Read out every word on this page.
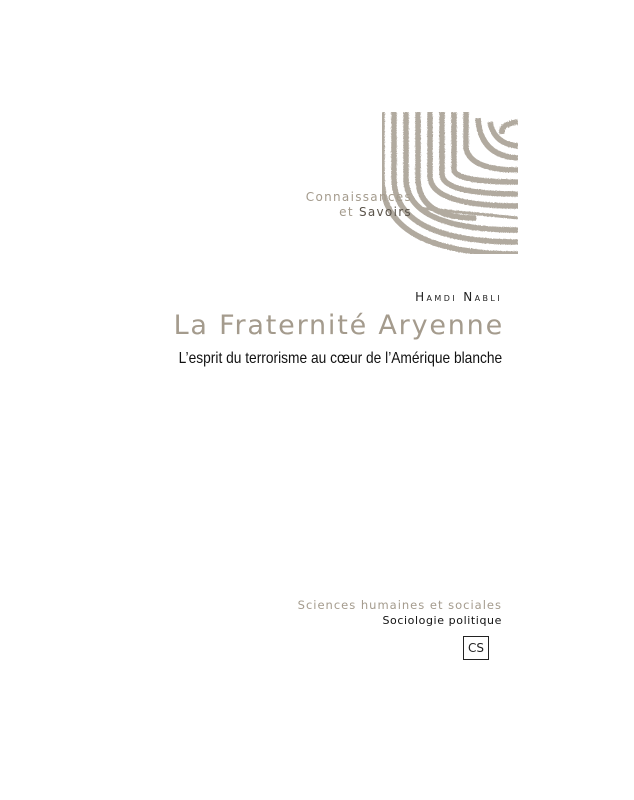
Connaissances
et Savoirs
Hamdi Nabli
La Fraternité Aryenne
L’esprit du terrorisme au cœur de l’Amérique blanche
Sciences humaines et sociales
Sociologie politique
CS
